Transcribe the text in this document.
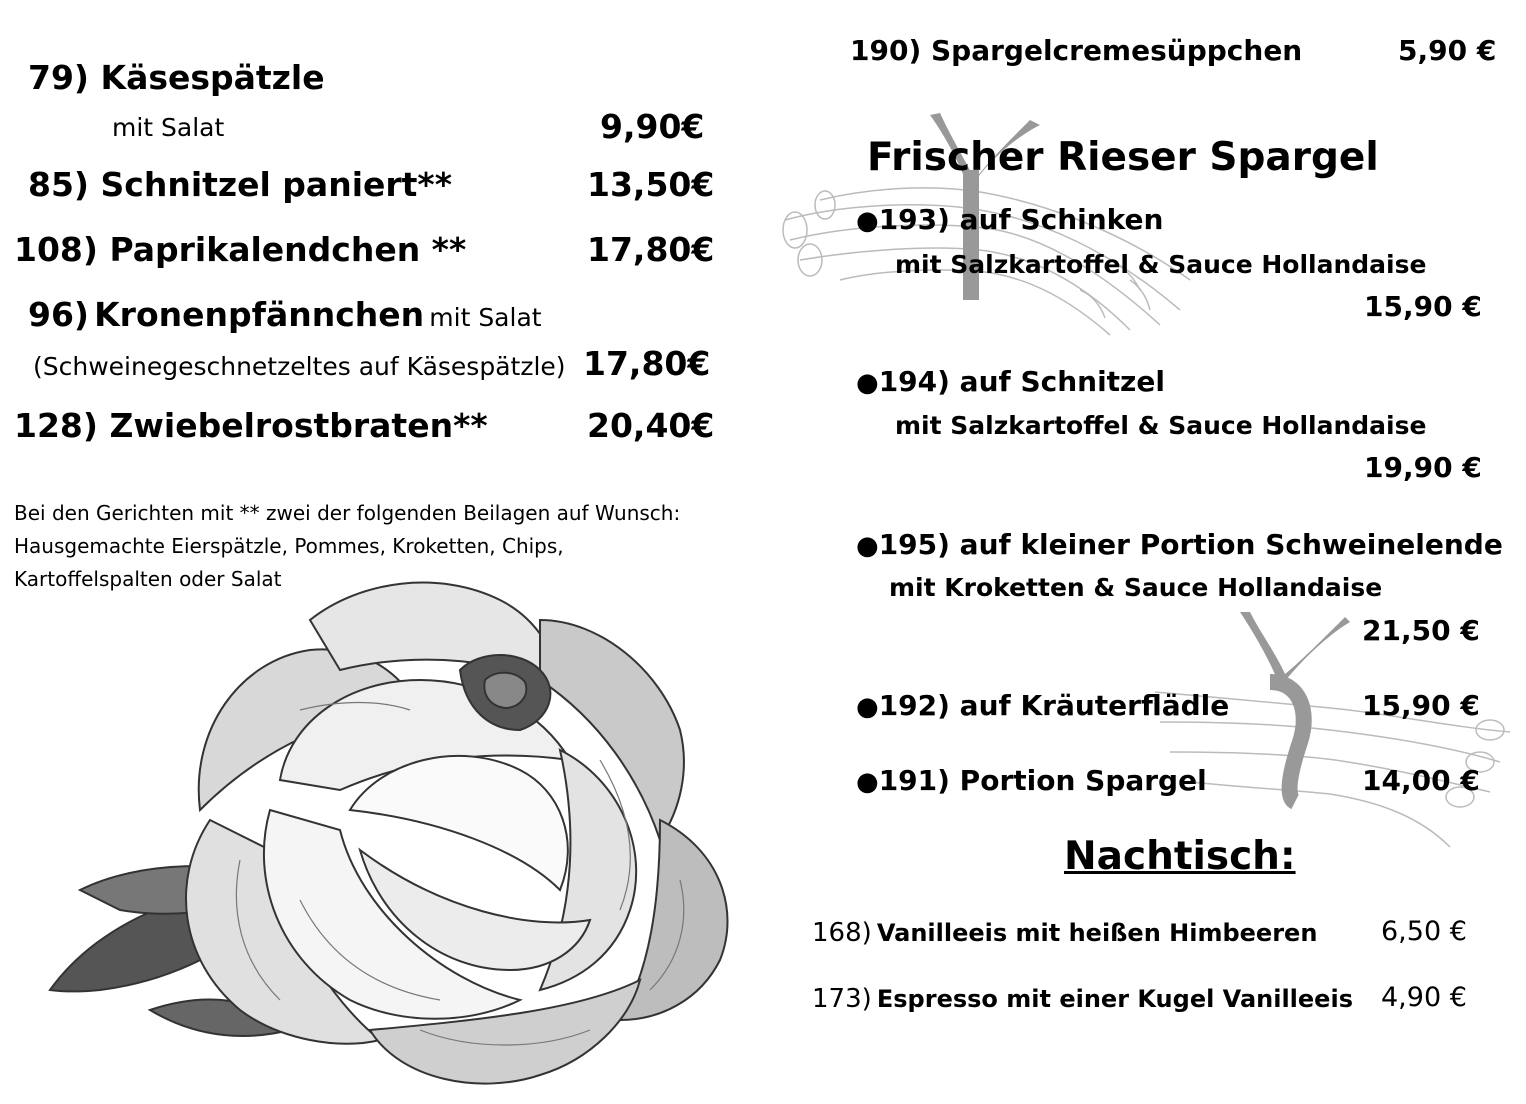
79) Käsespätzle
mit Salat	9,90€
85) Schnitzel paniert**	13,50€
108) Paprikalendchen **	17,80€
96) Kronenpfännchen mit Salat
(Schweinegeschnetzeltes auf Käsespätzle) 17,80€
128) Zwiebelrostbraten**	20,40€
Bei den Gerichten mit ** zwei der folgenden Beilagen auf Wunsch:
Hausgemachte Eierspätzle, Pommes, Kroketten, Chips,
Kartoffelspalten oder Salat
190) Spargelcremesüppchen	5,90 €
Frischer Rieser Spargel
●193) auf Schinken
mit Salzkartoffel & Sauce Hollandaise
15,90 €
●194) auf Schnitzel
mit Salzkartoffel & Sauce Hollandaise
19,90 €
●195) auf kleiner Portion Schweinelende
mit Kroketten & Sauce Hollandaise
21,50 €
●192) auf Kräuterflädle	15,90 €
●191) Portion Spargel	14,00 €
Nachtisch:
168) Vanilleeis mit heißen Himbeeren 6,50 €
173) Espresso mit einer Kugel Vanilleeis 4,90 €
